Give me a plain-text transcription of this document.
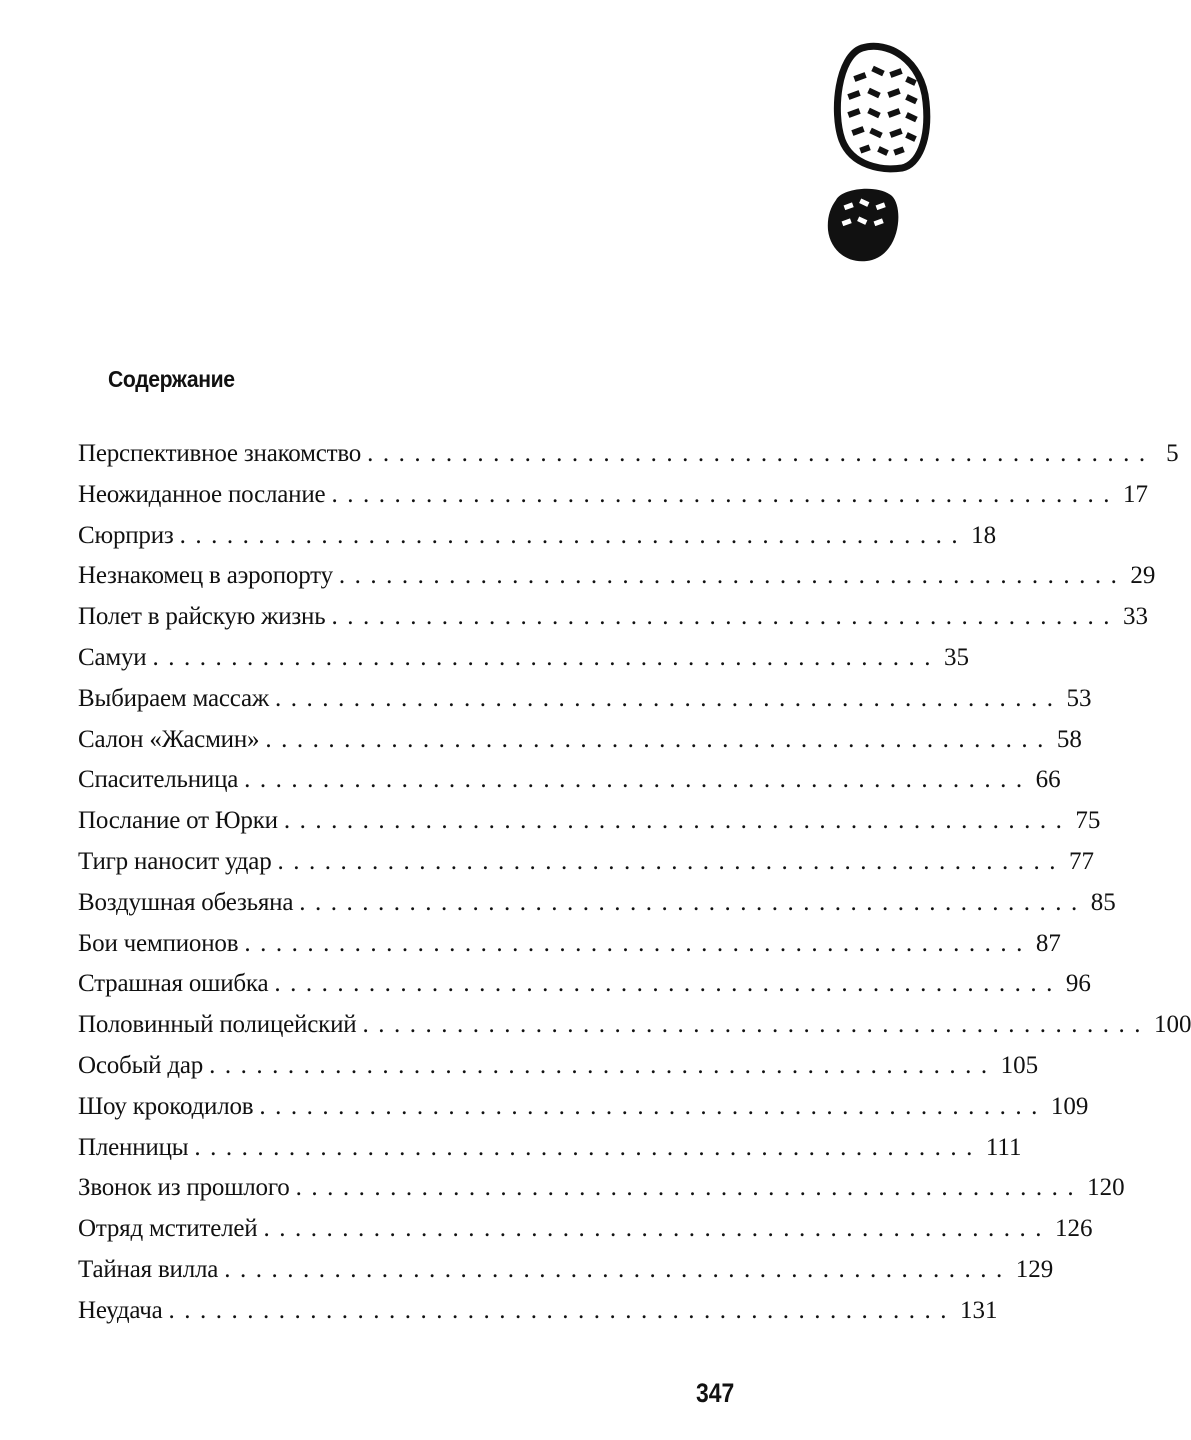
Содержание
Перспективное знакомство .................................................. 5
Неожиданное послание .................................................. 17
Сюрприз .................................................. 18
Незнакомец в аэропорту .................................................. 29
Полет в райскую жизнь .................................................. 33
Самуи .................................................. 35
Выбираем массаж .................................................. 53
Салон «Жасмин» .................................................. 58
Спасительница .................................................. 66
Послание от Юрки .................................................. 75
Тигр наносит удар .................................................. 77
Воздушная обезьяна .................................................. 85
Бои чемпионов .................................................. 87
Страшная ошибка .................................................. 96
Половинный полицейский .................................................. 100
Особый дар .................................................. 105
Шоу крокодилов .................................................. 109
Пленницы .................................................. 111
Звонок из прошлого .................................................. 120
Отряд мстителей .................................................. 126
Тайная вилла .................................................. 129
Неудача .................................................. 131
347
